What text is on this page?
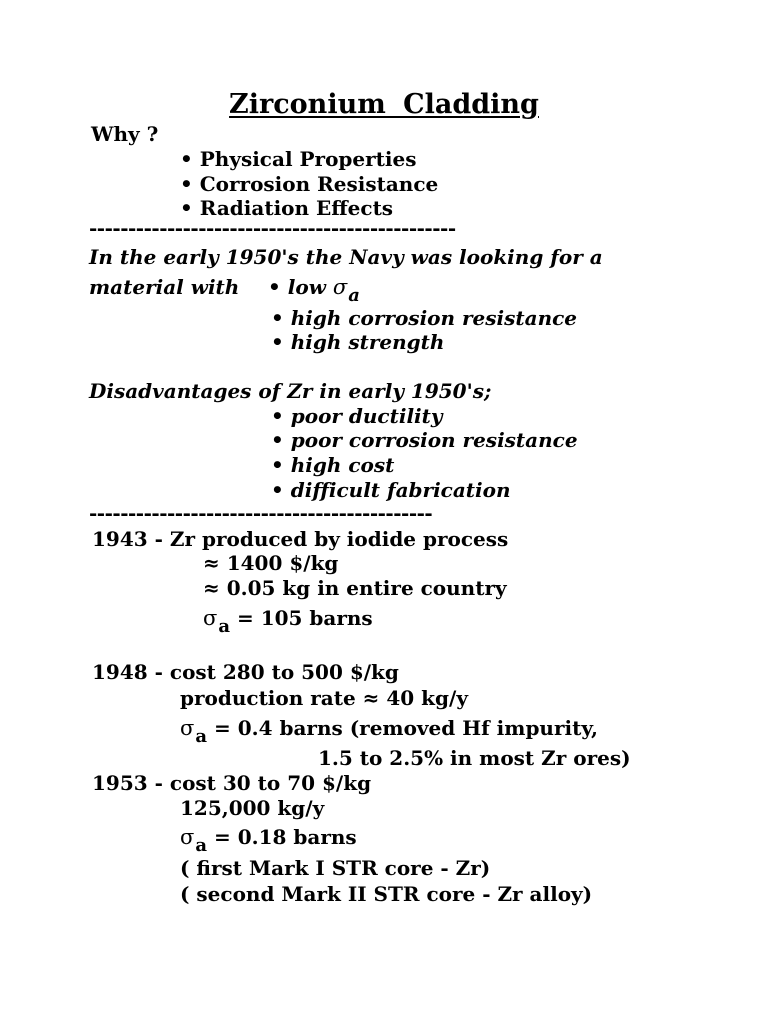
Zirconium Cladding
Why ?
• Physical Properties
• Corrosion Resistance
• Radiation Effects
-----------------------------------------------
In the early 1950's the Navy was looking for a
material with • low σa
• high corrosion resistance
• high strength
Disadvantages of Zr in early 1950's;
• poor ductility
• poor corrosion resistance
• high cost
• difficult fabrication
--------------------------------------------
1943 - Zr produced by iodide process
≈ 1400 $/kg
≈ 0.05 kg in entire country
σa = 105 barns
1948 - cost 280 to 500 $/kg
production rate ≈ 40 kg/y
σa = 0.4 barns (removed Hf impurity,
1.5 to 2.5% in most Zr ores)
1953 - cost 30 to 70 $/kg
125,000 kg/y
σa = 0.18 barns
( first Mark I STR core - Zr)
( second Mark II STR core - Zr alloy)
